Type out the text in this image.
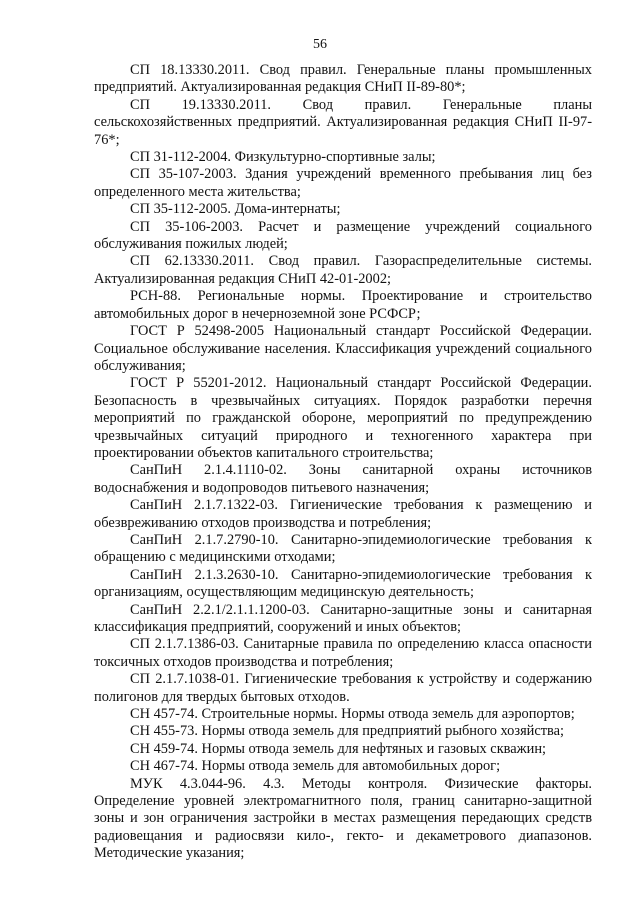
56

СП 18.13330.2011. Свод правил. Генеральные планы промышленных предприятий. Актуализированная редакция СНиП II-89-80*;

СП 19.13330.2011. Свод правил. Генеральные планы сельскохозяйственных предприятий. Актуализированная редакция СНиП II-97-76*;

СП 31-112-2004. Физкультурно-спортивные залы;

СП 35-107-2003. Здания учреждений временного пребывания лиц без определенного места жительства;

СП 35-112-2005. Дома-интернаты;

СП 35-106-2003. Расчет и размещение учреждений социального обслуживания пожилых людей;

СП 62.13330.2011. Свод правил. Газораспределительные системы. Актуализированная редакция СНиП 42-01-2002;

РСН-88. Региональные нормы. Проектирование и строительство автомобильных дорог в нечерноземной зоне РСФСР;

ГОСТ Р 52498-2005 Национальный стандарт Российской Федерации. Социальное обслуживание населения. Классификация учреждений социального обслуживания;

ГОСТ Р 55201-2012. Национальный стандарт Российской Федерации. Безопасность в чрезвычайных ситуациях. Порядок разработки перечня мероприятий по гражданской обороне, мероприятий по предупреждению чрезвычайных ситуаций природного и техногенного характера при проектировании объектов капитального строительства;

СанПиН 2.1.4.1110-02. Зоны санитарной охраны источников водоснабжения и водопроводов питьевого назначения;

СанПиН 2.1.7.1322-03. Гигиенические требования к размещению и обезвреживанию отходов производства и потребления;

СанПиН 2.1.7.2790-10. Санитарно-эпидемиологические требования к обращению с медицинскими отходами;

СанПиН 2.1.3.2630-10. Санитарно-эпидемиологические требования к организациям, осуществляющим медицинскую деятельность;

СанПиН 2.2.1/2.1.1.1200-03. Санитарно-защитные зоны и санитарная классификация предприятий, сооружений и иных объектов;

СП 2.1.7.1386-03. Санитарные правила по определению класса опасности токсичных отходов производства и потребления;

СП 2.1.7.1038-01. Гигиенические требования к устройству и содержанию полигонов для твердых бытовых отходов.

СН 457-74. Строительные нормы. Нормы отвода земель для аэропортов;

СН 455-73. Нормы отвода земель для предприятий рыбного хозяйства;

СН 459-74. Нормы отвода земель для нефтяных и газовых скважин;

СН 467-74. Нормы отвода земель для автомобильных дорог;

МУК 4.3.044-96. 4.3. Методы контроля. Физические факторы. Определение уровней электромагнитного поля, границ санитарно-защитной зоны и зон ограничения застройки в местах размещения передающих средств радиовещания и радиосвязи кило-, гекто- и декаметрового диапазонов. Методические указания;
